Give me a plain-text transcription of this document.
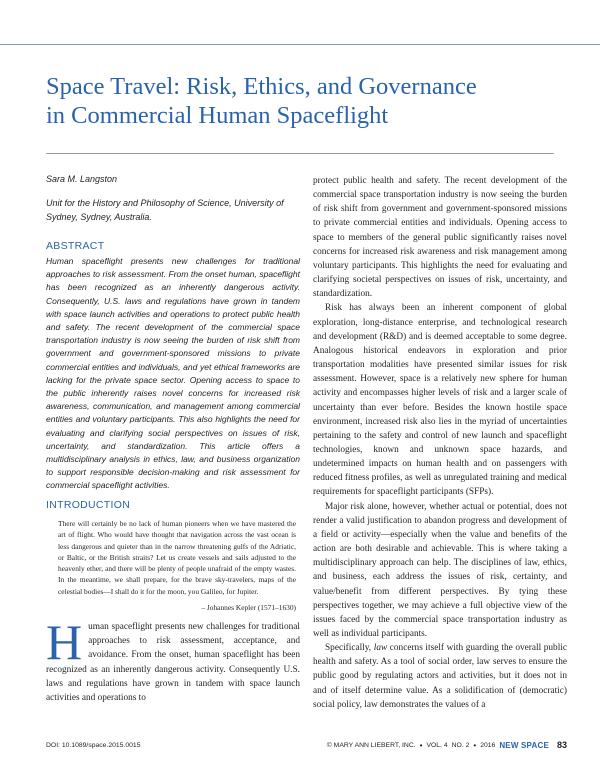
Space Travel: Risk, Ethics, and Governance
in Commercial Human Spaceflight

Sara M. Langston

Unit for the History and Philosophy of Science, University of Sydney, Sydney, Australia.

ABSTRACT

Human spaceflight presents new challenges for traditional approaches to risk assessment. From the onset human, spaceflight has been recognized as an inherently dangerous activity. Consequently, U.S. laws and regulations have grown in tandem with space launch activities and operations to protect public health and safety. The recent development of the commercial space transportation industry is now seeing the burden of risk shift from government and government-sponsored missions to private commercial entities and individuals, and yet ethical frameworks are lacking for the private space sector. Opening access to space to the public inherently raises novel concerns for increased risk awareness, communication, and management among commercial entities and voluntary participants. This also highlights the need for evaluating and clarifying social perspectives on issues of risk, uncertainty, and standardization. This article offers a multidisciplinary analysis in ethics, law, and business organization to support responsible decision-making and risk assessment for commercial spaceflight activities.

INTRODUCTION

There will certainly be no lack of human pioneers when we have mastered the art of flight. Who would have thought that navigation across the vast ocean is less dangerous and quieter than in the narrow threatening gulfs of the Adriatic, or Baltic, or the British straits? Let us create vessels and sails adjusted to the heavenly ether, and there will be plenty of people unafraid of the empty wastes. In the meantime, we shall prepare, for the brave sky-travelers, maps of the celestial bodies—I shall do it for the moon, you Galileo, for Jupiter.

– Johannes Kepler (1571–1630)

Human spaceflight presents new challenges for traditional approaches to risk assessment, acceptance, and avoidance. From the onset, human spaceflight has been recognized as an inherently dangerous activity. Consequently U.S. laws and regulations have grown in tandem with space launch activities and operations to

protect public health and safety. The recent development of the commercial space transportation industry is now seeing the burden of risk shift from government and government-sponsored missions to private commercial entities and individuals. Opening access to space to members of the general public significantly raises novel concerns for increased risk awareness and risk management among voluntary participants. This highlights the need for evaluating and clarifying societal perspectives on issues of risk, uncertainty, and standardization.

Risk has always been an inherent component of global exploration, long-distance enterprise, and technological research and development (R&D) and is deemed acceptable to some degree. Analogous historical endeavors in exploration and prior transportation modalities have presented similar issues for risk assessment. However, space is a relatively new sphere for human activity and encompasses higher levels of risk and a larger scale of uncertainty than ever before. Besides the known hostile space environment, increased risk also lies in the myriad of uncertainties pertaining to the safety and control of new launch and spaceflight technologies, known and unknown space hazards, and undetermined impacts on human health and on passengers with reduced fitness profiles, as well as unregulated training and medical requirements for spaceflight participants (SFPs).

Major risk alone, however, whether actual or potential, does not render a valid justification to abandon progress and development of a field or activity—especially when the value and benefits of the action are both desirable and achievable. This is where taking a multidisciplinary approach can help. The disciplines of law, ethics, and business, each address the issues of risk, certainty, and value/benefit from different perspectives. By tying these perspectives together, we may achieve a full objective view of the issues faced by the commercial space transportation industry as well as individual participants.

Specifically, law concerns itself with guarding the overall public health and safety. As a tool of social order, law serves to ensure the public good by regulating actors and activities, but it does not in and of itself determine value. As a solidification of (democratic) social policy, law demonstrates the values of a

DOI: 10.1089/space.2015.0015	© MARY ANN LIEBERT, INC. • VOL. 4 NO. 2 • 2016 NEW SPACE 83
